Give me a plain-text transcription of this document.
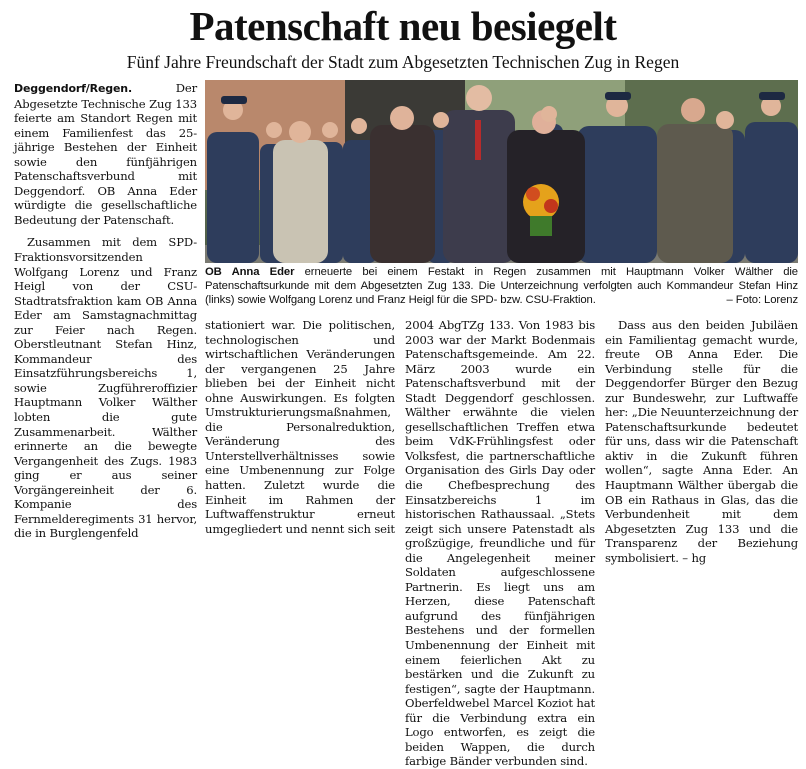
Patenschaft neu besiegelt
Fünf Jahre Freundschaft der Stadt zum Abgesetzten Technischen Zug in Regen

Deggendorf/Regen.	Der Abgesetzte Technische Zug 133 feierte am Standort Regen mit einem Familienfest das 25-jährige Bestehen der Einheit sowie den fünfjährigen Patenschaftsverbund mit Deggendorf. OB Anna Eder würdigte die gesellschaftliche Bedeutung der Patenschaft.

Zusammen mit dem SPD-Fraktionsvorsitzenden Wolfgang Lorenz und Franz Heigl von der CSU-Stadtratsfraktion kam OB Anna Eder am Samstagnachmittag zur Feier nach Regen. Oberstleutnant Stefan Hinz, Kommandeur des Einsatzführungsbereichs 1, sowie Zugführeroffizier Hauptmann Volker Wälther lobten die gute Zusammenarbeit. Wälther erinnerte an die bewegte Vergangenheit des Zugs. 1983 ging er aus seiner Vorgängereinheit der 6. Kompanie des Fernmelderegiments 31 hervor, die in Burglengenfeld

OB Anna Eder erneuerte bei einem Festakt in Regen zusammen mit Hauptmann Volker Wälther die Patenschaftsurkunde mit dem Abgesetzten Zug 133. Die Unterzeichnung verfolgten auch Kommandeur Stefan Hinz (links) sowie Wolfgang Lorenz und Franz Heigl für die SPD- bzw. CSU-Fraktion.	– Foto: Lorenz

stationiert war. Die politischen, technologischen und wirtschaftlichen Veränderungen der vergangenen 25 Jahre blieben bei der Einheit nicht ohne Auswirkungen. Es folgten Umstrukturierungsmaßnahmen, die Personalreduktion, Veränderung des Unterstellverhältnisses sowie eine Umbenennung zur Folge hatten. Zuletzt wurde die Einheit im Rahmen der Luftwaffenstruktur erneut umgegliedert und nennt sich seit

2004 AbgTZg 133. Von 1983 bis 2003 war der Markt Bodenmais Patenschaftsgemeinde. Am 22. März 2003 wurde ein Patenschaftsverbund mit der Stadt Deggendorf geschlossen. Wälther erwähnte die vielen gesellschaftlichen Treffen etwa beim VdK-Frühlingsfest oder Volksfest, die partnerschaftliche Organisation des Girls Day oder die Chefbesprechung des Einsatzbereichs 1 im historischen Rathaussaal. „Stets zeigt sich unsere Patenstadt als großzügige, freundliche und für die Angelegenheit meiner Soldaten aufgeschlossene Partnerin. Es liegt uns am Herzen, diese Patenschaft aufgrund des fünfjährigen Bestehens und der formellen Umbenennung der Einheit mit einem feierlichen Akt zu bestärken und die Zukunft zu festigen“, sagte der Hauptmann. Oberfeldwebel Marcel Koziot hat für die Verbindung extra ein Logo entworfen, es zeigt die beiden Wappen, die durch farbige Bänder verbunden sind.

Dass aus den beiden Jubiläen ein Familientag gemacht wurde, freute OB Anna Eder. Die Verbindung stelle für die Deggendorfer Bürger den Bezug zur Bundeswehr, zur Luftwaffe her: „Die Neuunterzeichnung der Patenschaftsurkunde bedeutet für uns, dass wir die Patenschaft aktiv in die Zukunft führen wollen“, sagte Anna Eder. An Hauptmann Wälther übergab die OB ein Rathaus in Glas, das die Verbundenheit mit dem Abgesetzten Zug 133 und die Transparenz der Beziehung symbolisiert. – hg
